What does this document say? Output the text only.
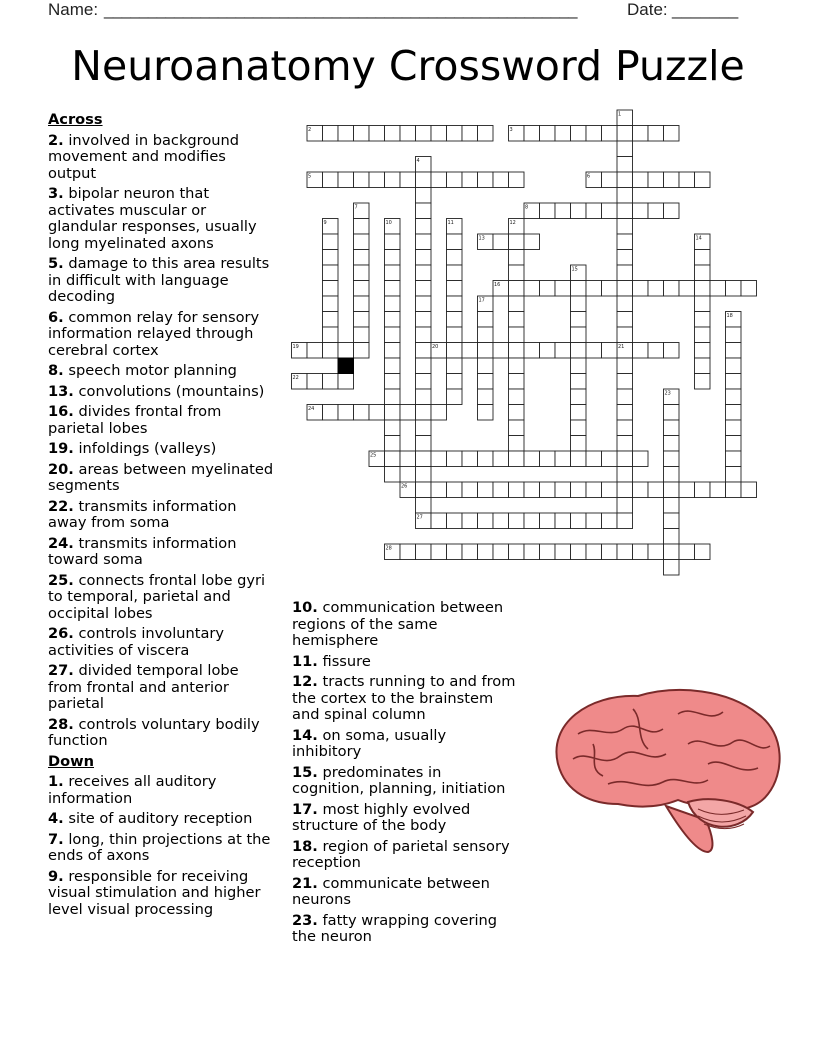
Name: ______________________________________________________	Date: _______
Neuroanatomy Crossword Puzzle
Across
2. involved in background movement and modifies output
3. bipolar neuron that activates muscular or glandular responses, usually long myelinated axons
5. damage to this area results in difficult with language decoding
6. common relay for sensory information relayed through cerebral cortex
8. speech motor planning
13. convolutions (mountains)
16. divides frontal from parietal lobes
19. infoldings (valleys)
20. areas between myelinated segments
22. transmits information away from soma
24. transmits information toward soma
25. connects frontal lobe gyri to temporal, parietal and occipital lobes
26. controls involuntary activities of viscera
27. divided temporal lobe from frontal and anterior parietal
28. controls voluntary bodily function
Down
1. receives all auditory information
4. site of auditory reception
7. long, thin projections at the ends of axons
9. responsible for receiving visual stimulation and higher level visual processing
10. communication between regions of the same hemisphere
11. fissure
12. tracts running to and from the cortex to the brainstem and spinal column
14. on soma, usually inhibitory
15. predominates in cognition, planning, initiation
17. most highly evolved structure of the body
18. region of parietal sensory reception
21. communicate between neurons
23. fatty wrapping covering the neuron
1
21
2	3
4
5	6
7	8
9	10	11	12
13	14
15
16
17
18
19	20
22
23
24
25
26
27
28
